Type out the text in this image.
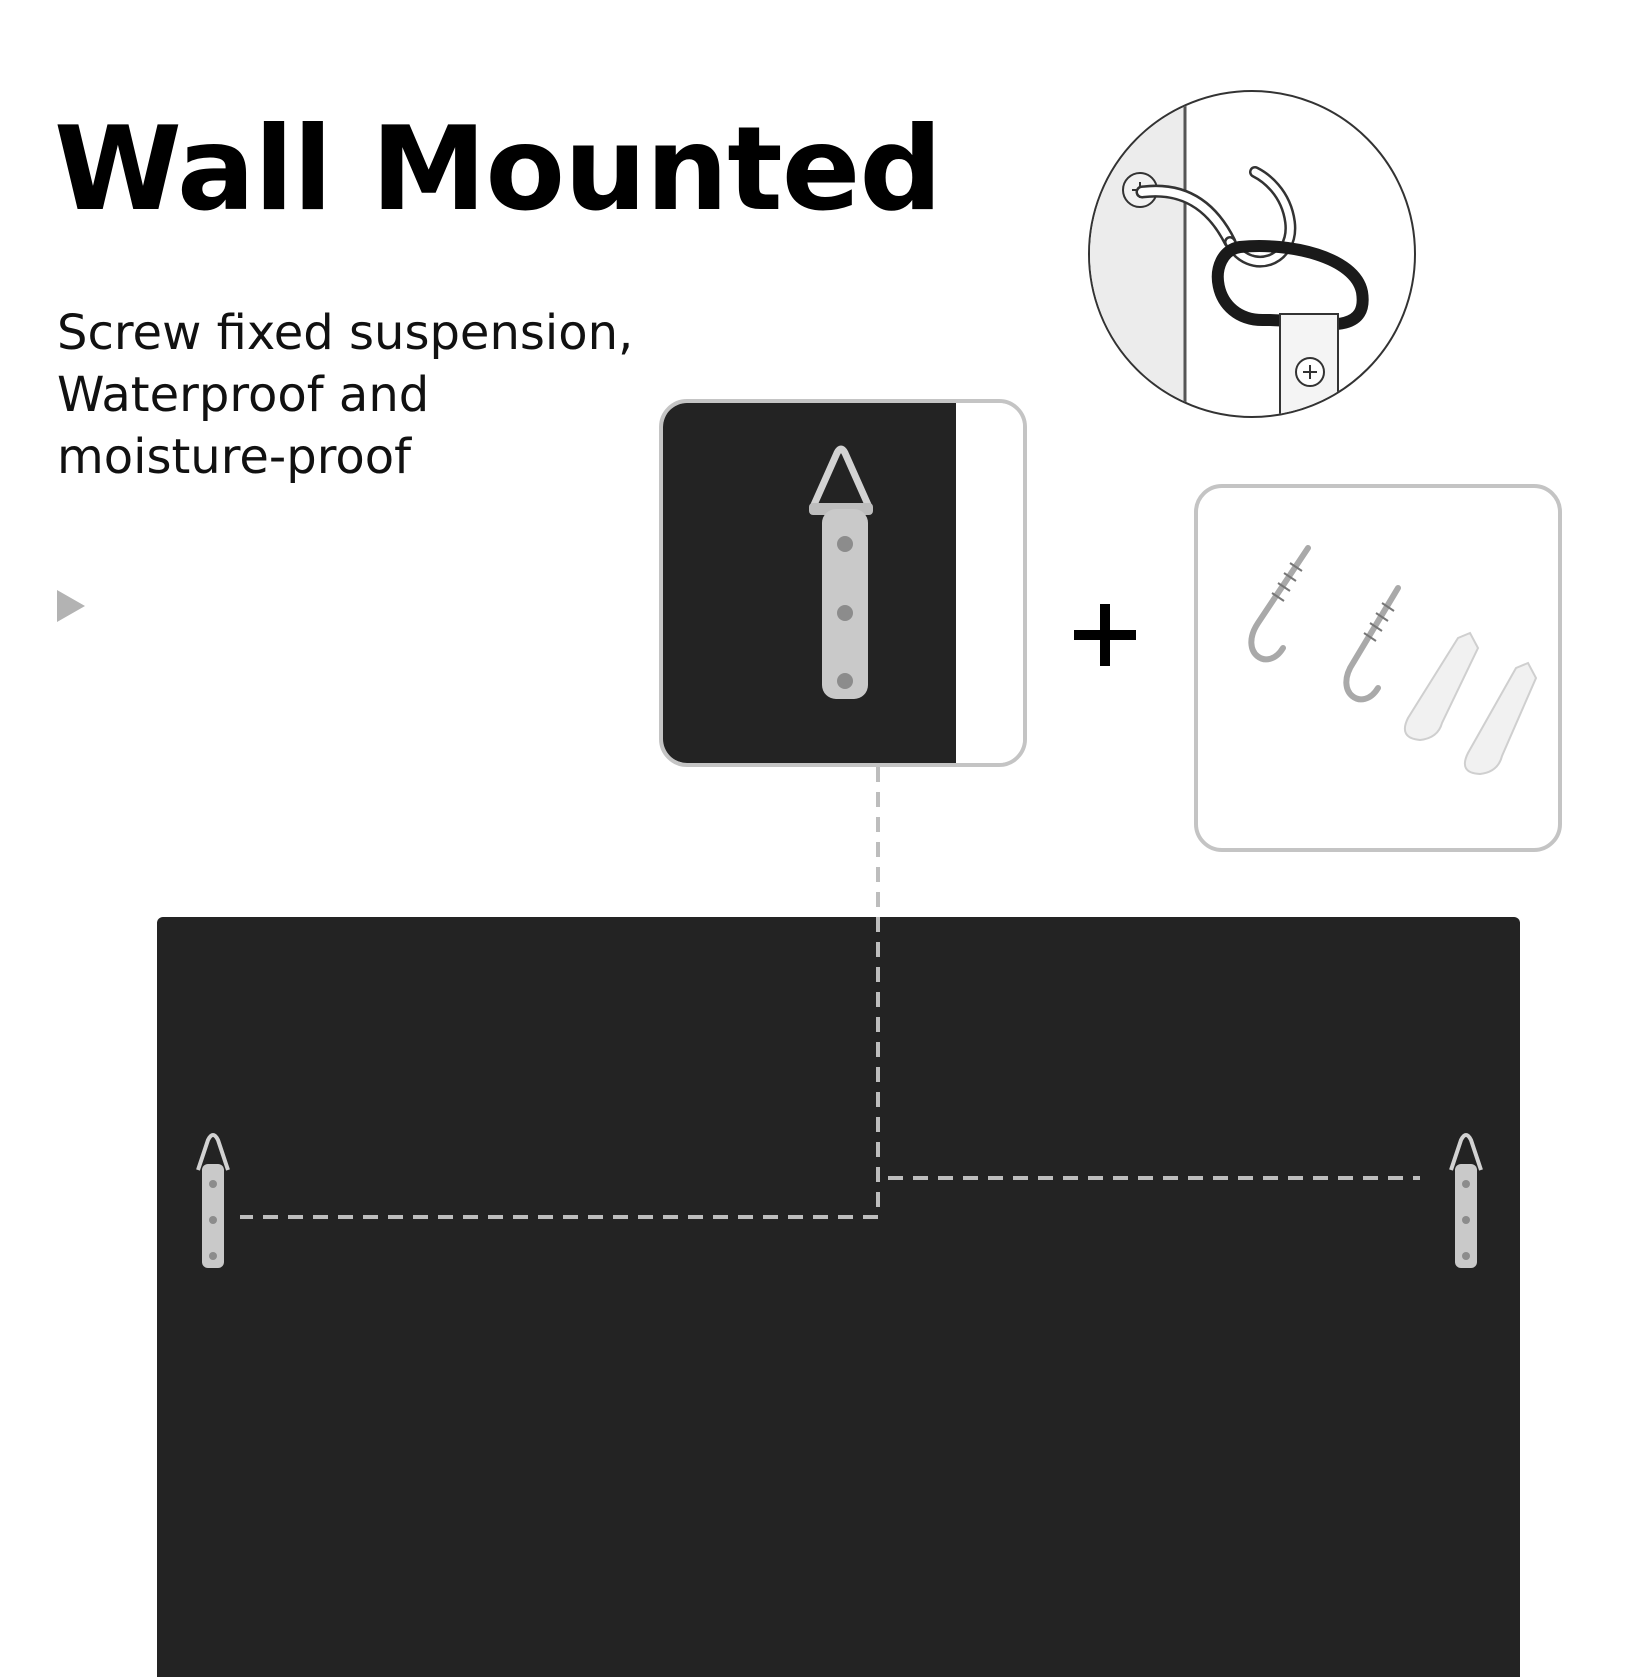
Wall Mounted
Screw fixed suspension,
Waterproof and
moisture-proof
